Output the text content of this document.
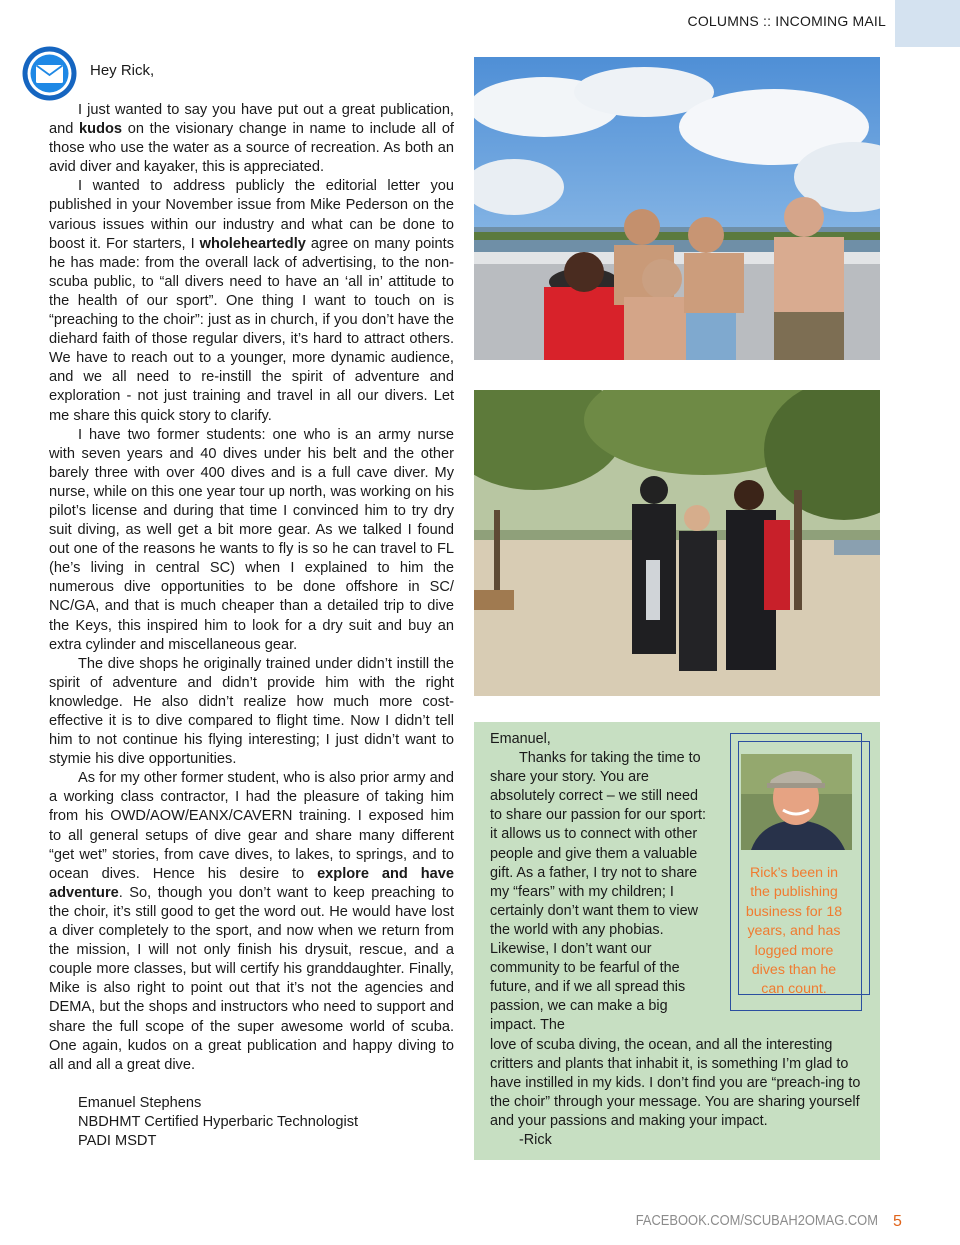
COLUMNS :: INCOMING MAIL
Hey Rick,

I just wanted to say you have put out a great publication, and kudos on the visionary change in name to include all of those who use the water as a source of recreation. As both an avid diver and kayaker, this is appreciated.

I wanted to address publicly the editorial letter you published in your November issue from Mike Pederson on the various issues within our industry and what can be done to boost it. For starters, I wholeheartedly agree on many points he has made: from the overall lack of advertising, to the non-scuba public, to “all divers need to have an ‘all in’ attitude to the health of our sport”. One thing I want to touch on is “preaching to the choir”: just as in church, if you don’t have the diehard faith of those regular divers, it’s hard to attract others. We have to reach out to a younger, more dynamic audience, and we all need to re-instill the spirit of adventure and exploration - not just training and travel in all our divers. Let me share this quick story to clarify.

I have two former students: one who is an army nurse with seven years and 40 dives under his belt and the other barely three with over 400 dives and is a full cave diver. My nurse, while on this one year tour up north, was working on his pilot’s license and during that time I convinced him to try dry suit diving, as well get a bit more gear. As we talked I found out one of the reasons he wants to fly is so he can travel to FL (he’s living in central SC) when I explained to him the numerous dive opportunities to be done offshore in SC/ NC/GA, and that is much cheaper than a detailed trip to dive the Keys, this inspired him to look for a dry suit and buy an extra cylinder and miscellaneous gear.

The dive shops he originally trained under didn’t instill the spirit of adventure and didn’t provide him with the right knowledge. He also didn’t realize how much more cost-effective it is to dive compared to flight time. Now I didn’t tell him to not continue his flying interesting; I just didn’t want to stymie his dive opportunities.

As for my other former student, who is also prior army and a working class contractor, I had the pleasure of taking him from his OWD/AOW/EANX/CAVERN training. I exposed him to all general setups of dive gear and share many different “get wet” stories, from cave dives, to lakes, to springs, and to ocean dives. Hence his desire to explore and have adventure. So, though you don’t want to keep preaching to the choir, it’s still good to get the word out. He would have lost a diver completely to the sport, and now when we return from the mission, I will not only finish his drysuit, rescue, and a couple more classes, but will certify his granddaughter. Finally, Mike is also right to point out that it’s not the agencies and DEMA, but the shops and instructors who need to support and share the full scope of the super awesome world of scuba. One again, kudos on a great publication and happy diving to all and all a great dive.

Emanuel Stephens

NBDHMT Certified Hyperbaric Technologist

PADI MSDT

Emanuel,

Thanks for taking the time to share your story. You are absolutely correct – we still need to share our passion for our sport: it allows us to connect with other people and give them a valuable gift. As a father, I try not to share my “fears” with my children; I certainly don’t want them to view the world with any phobias. Likewise, I don’t want our community to be fearful of the future, and if we all spread this passion, we can make a big impact. The

love of scuba diving, the ocean, and all the interesting critters and plants that inhabit it, is something I’m glad to have instilled in my kids. I don’t find you are “preach-ing to the choir” through your message. You are sharing yourself and your passions and making your impact.

-Rick

Rick’s been in the publishing business for 18 years, and has logged more dives than he can count.
FACEBOOK.COM/SCUBAH2OMAG.COM 5
